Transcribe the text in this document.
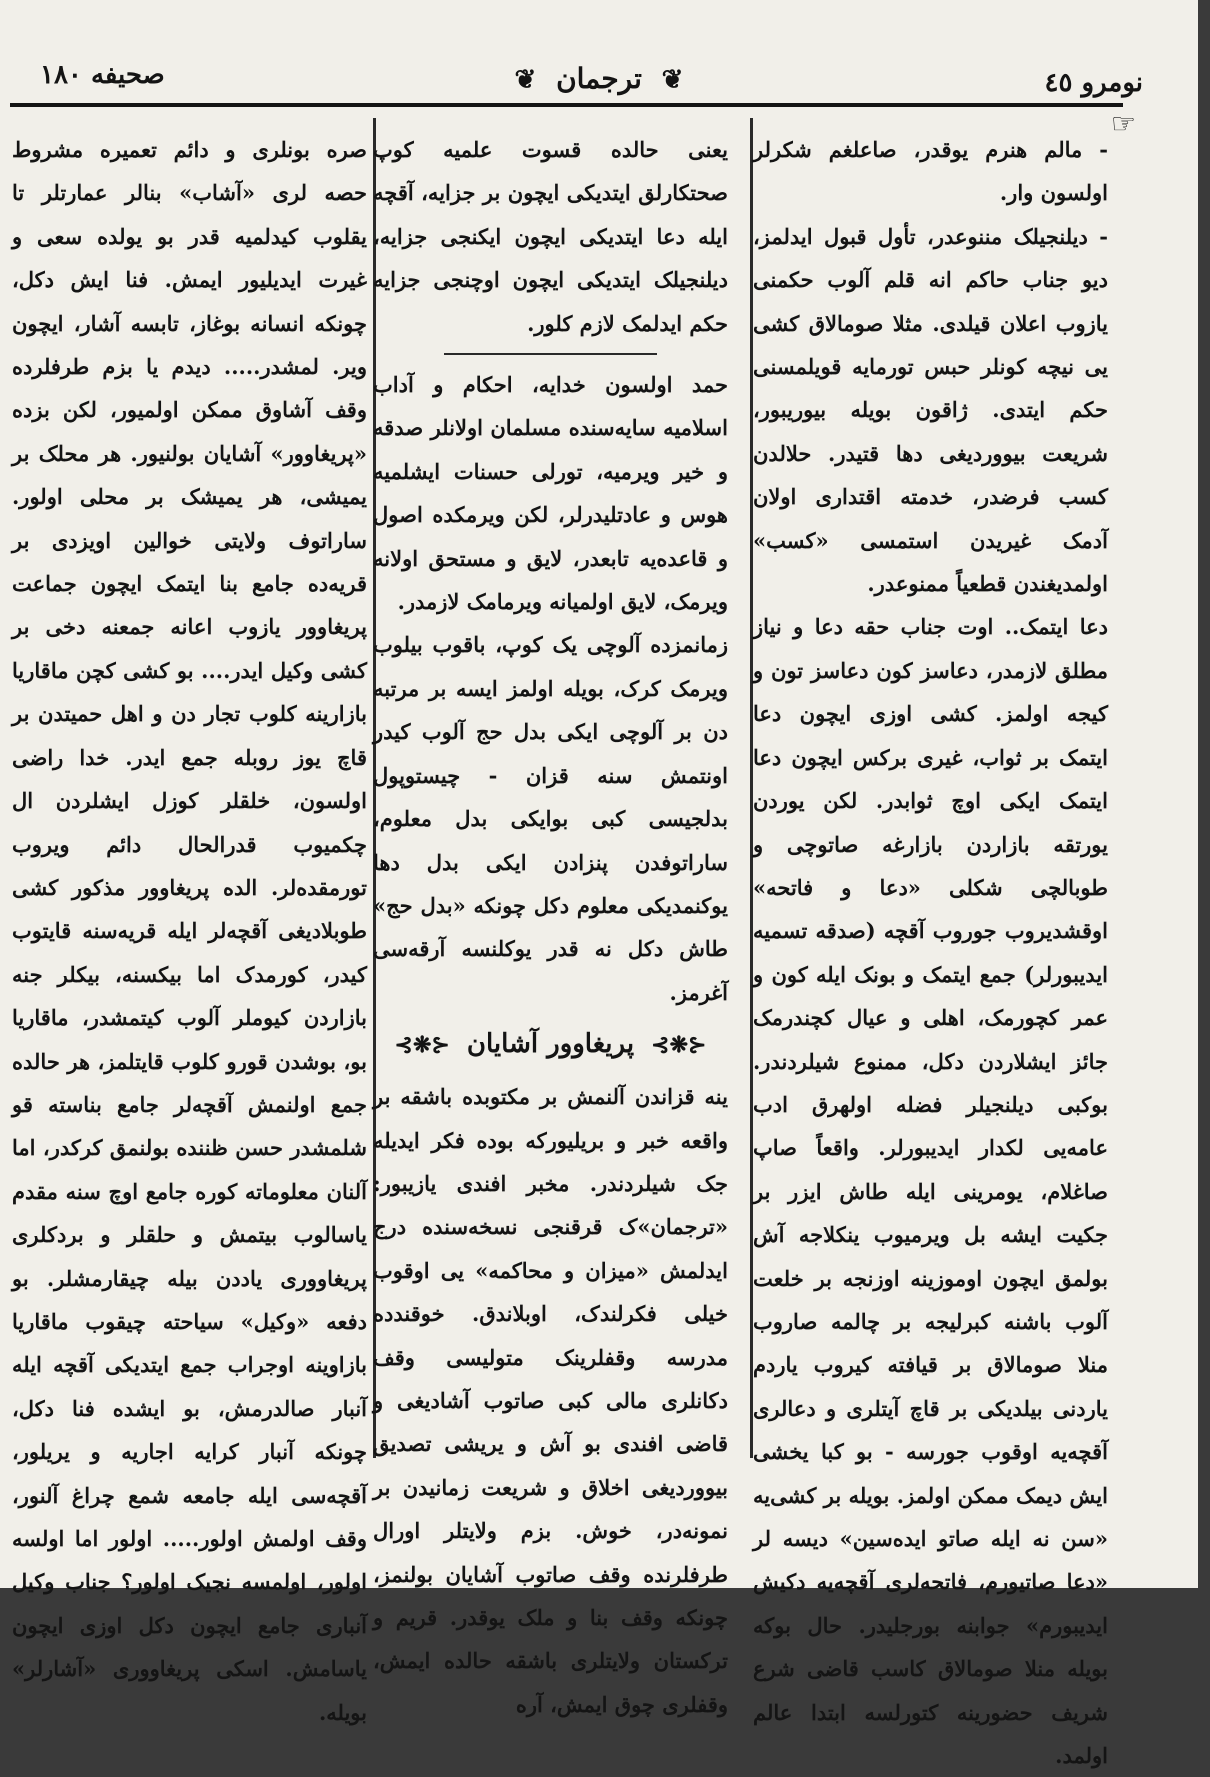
نومرو ٤٥
❦ ترجمان ❦
صحیفه ١٨٠
☞

- مالم هنرم یوقدر، صاعلغم شکرلر اولسون وار.

- دیلنجیلک مننوعدر، تأول قبول ایدلمز، دیو جناب حاکم انه قلم آلوب حکمنی یازوب اعلان قیلدی. مثلا صومالاق کشی یی نیچه کونلر حبس تورمایه قویلمسنی حکم ایتدی. ژاقون بویله بیوریبور، شریعت بیووردیغی دها قتیدر. حلالدن کسب فرضدر، خدمته اقتداری اولان آدمک غیریدن استمسی «کسب» اولمدیغندن قطعیاً ممنوعدر.

دعا ایتمک.. اوت جناب حقه دعا و نیاز مطلق لازمدر، دعاسز کون دعاسز تون و کیجه اولمز. کشی اوزی ایچون دعا ایتمک بر ثواب، غیری برکس ایچون دعا ایتمک ایکی اوچ ثوابدر. لکن یوردن یورتقه بازاردن بازارغه صاتوچی و طوبالچی شکلی «دعا و فاتحه» اوقشدیروب جوروب آقچه (صدقه تسمیه ایدیبورلر) جمع ایتمک و بونک ایله کون و عمر کچورمک، اهلی و عیال کچندرمک جائز ایشلاردن دکل، ممنوع شیلردندر. بوکبی دیلنجیلر فضله اولهرق ادب عامه‌یی لکدار ایدیبورلر. واقعاً صاپ صاغلام، یومرینی ایله طاش ایزر بر جکیت ایشه بل ویرمیوب ینکلاجه آش بولمق ایچون اوموزینه اوزنجه بر خلعت آلوب باشنه کبرلیجه بر چالمه صاروب منلا صومالاق بر قیافته کیروب یاردم یاردنی بیلدیکی بر قاچ آیتلری و دعالری آقچه‌یه اوقوب جورسه - بو کبا یخشی ایش دیمک ممکن اولمز. بو‌یله بر کشی‌یه «سن نه ایله صاتو ایده‌سین» دیسه لر «دعا صاتیورم، فاتحه‌لری آقچه‌یه دکیش ایدیبورم» جوابنه بورجلیدر. حال بوکه بویله منلا صومالاق کاسب قاضی شرع شریف حضورینه کتورلسه ابتدا عالم اولمد.

یعنی حالده قسوت علمیه کوپ صحتکارلق ایتدیکی ایچون بر جزایه، آقچه ایله دعا ایتدیکی ایچون ایکنجی جزایه، دیلنجیلک ایتدیکی ایچون اوچنجی جزایه حکم ایدلمک لازم کلور.

حمد اولسون خدایه، احکام و آداب اسلامیه سایه‌سنده مسلمان اولانلر صدقه و خیر ویرمیه، تورلی حسنات ایشلمیه هوس و عادتلیدرلر، لکن ویرمکده اصول و قاعده‌یه تابعدر، لایق و مستحق اولانه ویرمک، لایق اولمیانه ویرمامک لازمدر.

زمانمزده آلوچی یک کوپ، باقوب بیلوب ویرمک کرک، بویله اولمز ایسه بر مرتبه دن بر آلوچی ایکی بدل حج آلوب کیدر اونتمش سنه قزان - چیستوپول بدلجیسی کبی بوایکی بدل معلوم، ساراتوفدن پنزادن ایکی بدل دها یوکنمدیکی معلوم دکل چونکه «بدل حج» طاش دکل نه قدر یوکلنسه آرقه‌سی آغرمز.

⊰❋⊱ پریغاوور آشایان ⊰❋⊱

ینه قزاندن آلنمش بر مکتوبده باشقه بر واقعه خبر و بریلیورکه بوده فکر ایدیله جک شیلردندر. مخبر افندی یازیبور: «ترجمان»ک قرقنجی نسخه‌سنده درج ایدلمش «میزان و محاکمه» یی اوقوب خیلی فکرلندک، اوبلاندق. خوقندده مدرسه وقفلرینک متولیسی وقف دکانلری مالی کبی صاتوب آشادیغی و قاضی افندی بو آش و یریشی تصدیق بیووردیغی اخلاق و شریعت زمانیدن بر نمونه‌در، خوش. بزم ولایتلر اورال طرفلرنده وقف صاتوب آشایان بولنمز، چونکه وقف بنا و ملک یوقدر. قریم و ترکستان ولایتلری باشقه حالده ایمش، وقفلری چوق ایمش، آره

صره بونلری و دائم تعمیره مشروط حصه لری «آشاب» بنالر عمارتلر تا یقلوب کیدلمیه قدر بو یولده سعی و غیرت ایدیلیور ایمش. فنا ایش دکل، چونکه انسانه بوغاز، تابسه آشار، ایچون ویر. لمشدر..... دیدم یا بزم طرفلرده وقف آشاوق ممکن اولمیور، لکن بزده «پریغاوور» آشایان بولنیور. هر محلک بر یمیشی، هر یمیشک بر محلی اولور. ساراتوف ولایتی خوالین اویزدی بر قریه‌ده جامع بنا ایتمک ایچون جماعت پریغاوور یازوب اعانه جمعنه دخی بر کشی وکیل ایدر.... بو کشی کچن ماقاریا بازارینه کلوب تجار دن و اهل حمیتدن بر قاچ یوز روبله جمع ایدر. خدا راضی اولسون، خلقلر کوزل ایشلردن ال چکمیوب قدرالحال دائم ویروب تورمقده‌لر. الده پریغاوور مذکور کشی طوبلادیغی آقچه‌لر ایله قریه‌سنه قایتوب کیدر، کورمدک اما بیکسنه، بیکلر جنه بازاردن کیوملر آلوب کیتمشدر، ماقاریا بو، بوشدن قورو کلوب قایتلمز، هر حالده جمع اولنمش آقچه‌لر جامع بناسته قو شلمشدر حسن ظننده بولنمق کرکدر، اما آلنان معلوماته کوره جامع اوچ سنه مقدم یاسالوب بیتمش و حلقلر و بردکلری پریغاووری یاددن بیله چیقارمشلر. بو دفعه «وکیل» سیاحته چیقوب ماقاریا بازاوینه اوجراب جمع ایتدیکی آقچه ایله آنبار صالدرمش، بو ایشده فنا دکل، چونکه آنبار کرایه اجاریه و یریلور، آقچه‌سی ایله جامعه شمع چراغ آلنور، وقف اولمش اولور..... اولور اما اولسه اولور، اولمسه نجیک اولور؟ جناب وکیل آنباری جامع ایچون دکل اوزی ایچون یاسامش. اسکی پریغاووری «آشارلر» بویله.
